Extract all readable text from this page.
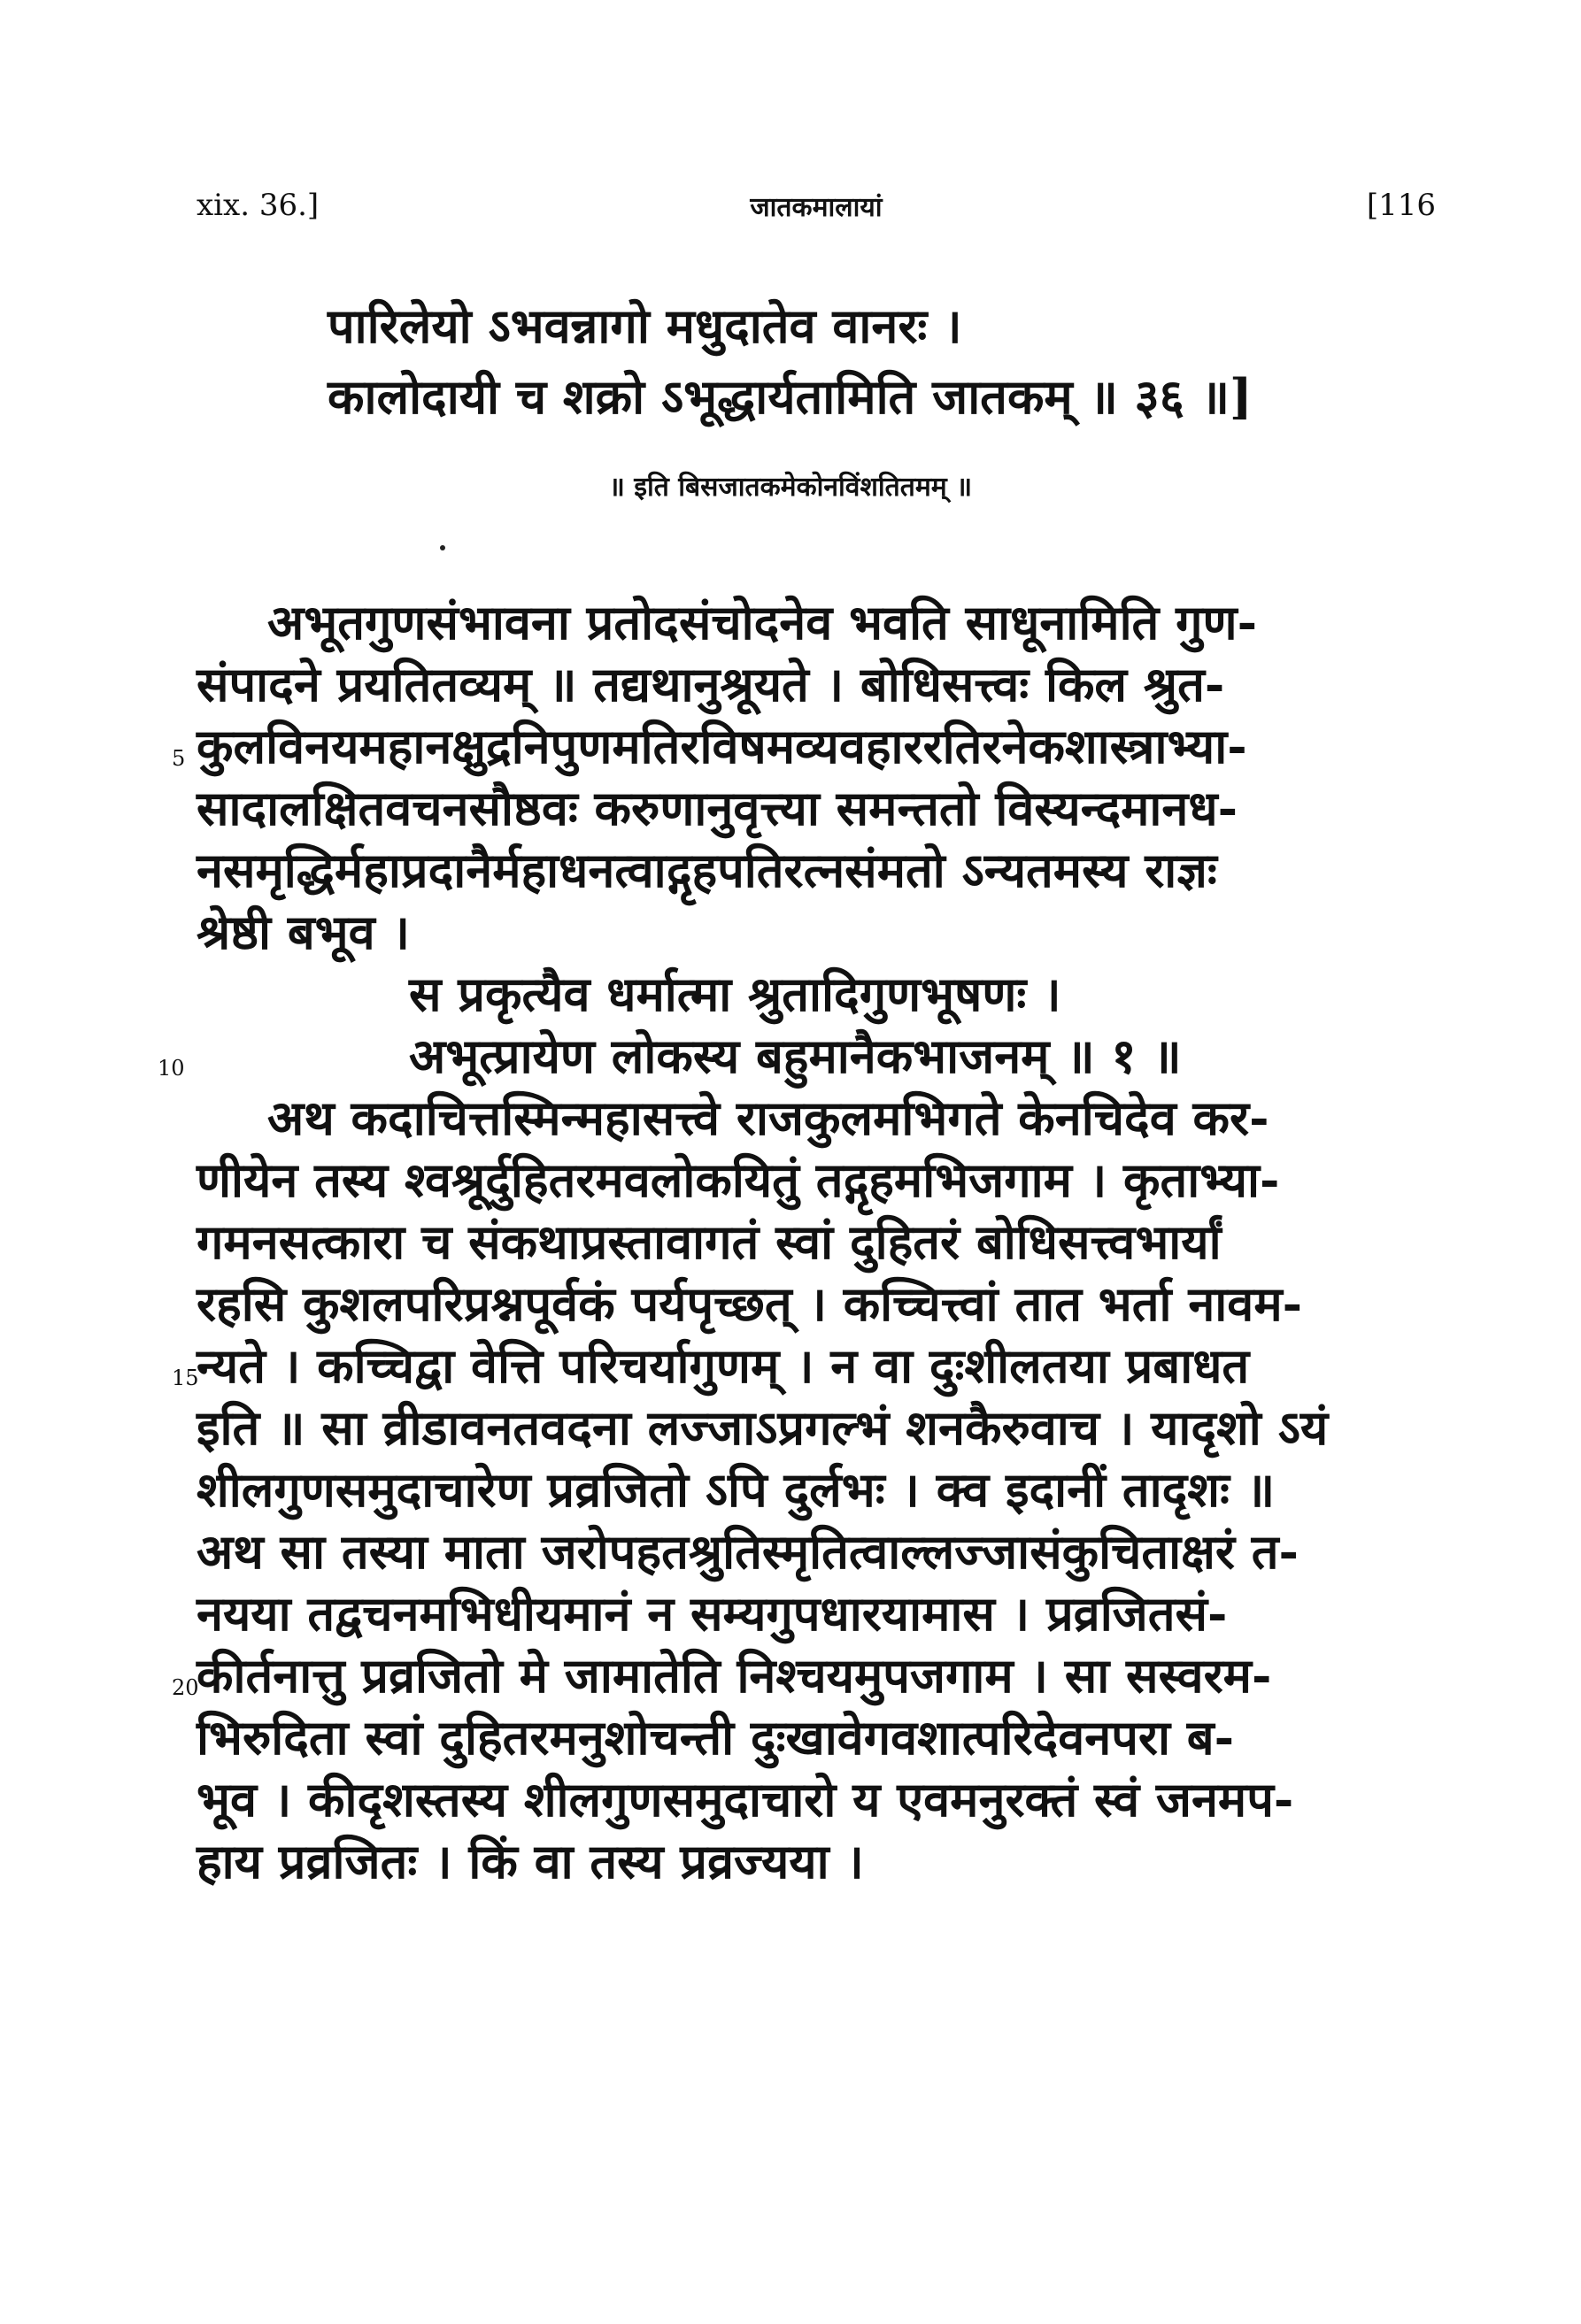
xix. 36.]	जातकमालायां	[116
पारिलेयो ऽभवन्नागो मधुदातेव वानरः ।
कालोदायी च शक्रो ऽभूद्धार्यतामिति जातकम् ॥ ३६ ॥]
॥ इति बिसजातकमेकोनविंशतितमम् ॥
अभूतगुणसंभावना प्रतोदसंचोदनेव भवति साधूनामिति गुण-
संपादने प्रयतितव्यम् ॥ तद्यथानुश्रूयते । बोधिसत्त्वः किल श्रुत-
5 कुलविनयमहानक्षुद्रनिपुणमतिरविषमव्यवहाररतिरनेकशास्त्राभ्या-
सादालक्षितवचनसौष्ठवः करुणानुवृत्त्या समन्ततो विस्यन्दमानध-
नसमृद्धिर्महाप्रदानैर्महाधनत्वाद्गृहपतिरत्नसंमतो ऽन्यतमस्य राज्ञः
श्रेष्ठी बभूव ।
स प्रकृत्यैव धर्मात्मा श्रुतादिगुणभूषणः ।
10	अभूत्प्रायेण लोकस्य बहुमानैकभाजनम् ॥ १ ॥
अथ कदाचित्तस्मिन्महासत्त्वे राजकुलमभिगते केनचिदेव कर-
णीयेन तस्य श्वश्रूर्दुहितरमवलोकयितुं तद्गृहमभिजगाम । कृताभ्या-
गमनसत्कारा च संकथाप्रस्तावागतं स्वां दुहितरं बोधिसत्त्वभार्यां
रहसि कुशलपरिप्रश्नपूर्वकं पर्यपृच्छत् । कच्चित्त्वां तात भर्ता नावम-
15
न्यते । कच्चिद्वा वेत्ति परिचर्यागुणम् । न वा दुःशीलतया प्रबाधत
इति ॥ सा व्रीडावनतवदना लज्जाऽप्रगल्भं शनकैरुवाच । यादृशो ऽयं
शीलगुणसमुदाचारेण प्रव्रजितो ऽपि दुर्लभः । क्व इदानीं तादृशः ॥
अथ सा तस्या माता जरोपहतश्रुतिस्मृतित्वाल्लज्जासंकुचिताक्षरं त-
नयया तद्वचनमभिधीयमानं न सम्यगुपधारयामास । प्रव्रजितसं-
20
कीर्तनात्तु प्रव्रजितो मे जामातेति निश्चयमुपजगाम । सा सस्वरम-
भिरुदिता स्वां दुहितरमनुशोचन्ती दुःखावेगवशात्परिदेवनपरा ब-
भूव । कीदृशस्तस्य शीलगुणसमुदाचारो य एवमनुरक्तं स्वं जनमप-
हाय प्रव्रजितः । किं वा तस्य प्रव्रज्यया ।
